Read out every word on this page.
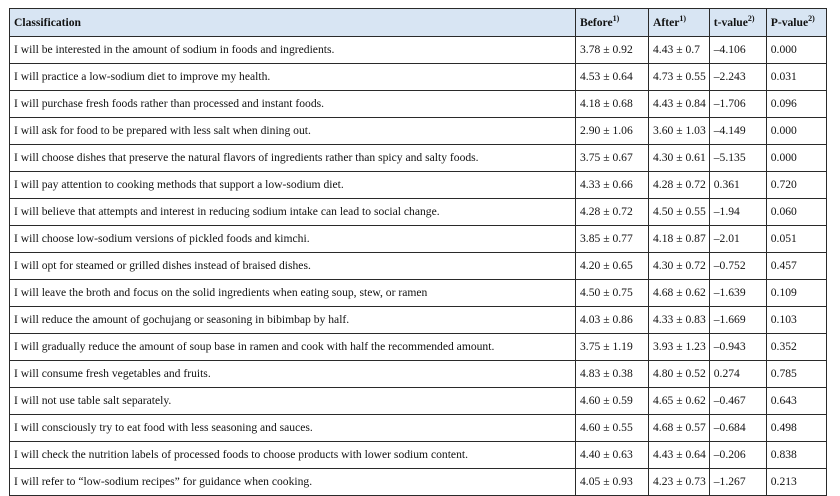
Classification	Before$^{1)}$	After$^{1)}$	t-value$^{2)}$	P-value$^{2)}$
I will be interested in the amount of sodium in foods and ingredients.	3.78 ± 0.92	4.43 ± 0.7	–4.106	0.000
I will practice a low-sodium diet to improve my health.	4.53 ± 0.64	4.73 ± 0.55	–2.243	0.031
I will purchase fresh foods rather than processed and instant foods.	4.18 ± 0.68	4.43 ± 0.84	–1.706	0.096
I will ask for food to be prepared with less salt when dining out.	2.90 ± 1.06	3.60 ± 1.03	–4.149	0.000
I will choose dishes that preserve the natural flavors of ingredients rather than spicy and salty foods.	3.75 ± 0.67	4.30 ± 0.61	–5.135	0.000
I will pay attention to cooking methods that support a low-sodium diet.	4.33 ± 0.66	4.28 ± 0.72	0.361	0.720
I will believe that attempts and interest in reducing sodium intake can lead to social change.	4.28 ± 0.72	4.50 ± 0.55	–1.94	0.060
I will choose low-sodium versions of pickled foods and kimchi.	3.85 ± 0.77	4.18 ± 0.87	–2.01	0.051
I will opt for steamed or grilled dishes instead of braised dishes.	4.20 ± 0.65	4.30 ± 0.72	–0.752	0.457
I will leave the broth and focus on the solid ingredients when eating soup, stew, or ramen	4.50 ± 0.75	4.68 ± 0.62	–1.639	0.109
I will reduce the amount of gochujang or seasoning in bibimbap by half.	4.03 ± 0.86	4.33 ± 0.83	–1.669	0.103
I will gradually reduce the amount of soup base in ramen and cook with half the recommended amount.	3.75 ± 1.19	3.93 ± 1.23	–0.943	0.352
I will consume fresh vegetables and fruits.	4.83 ± 0.38	4.80 ± 0.52	0.274	0.785
I will not use table salt separately.	4.60 ± 0.59	4.65 ± 0.62	–0.467	0.643
I will consciously try to eat food with less seasoning and sauces.	4.60 ± 0.55	4.68 ± 0.57	–0.684	0.498
I will check the nutrition labels of processed foods to choose products with lower sodium content.	4.40 ± 0.63	4.43 ± 0.64	–0.206	0.838
I will refer to “low-sodium recipes” for guidance when cooking.	4.05 ± 0.93	4.23 ± 0.73	–1.267	0.213
